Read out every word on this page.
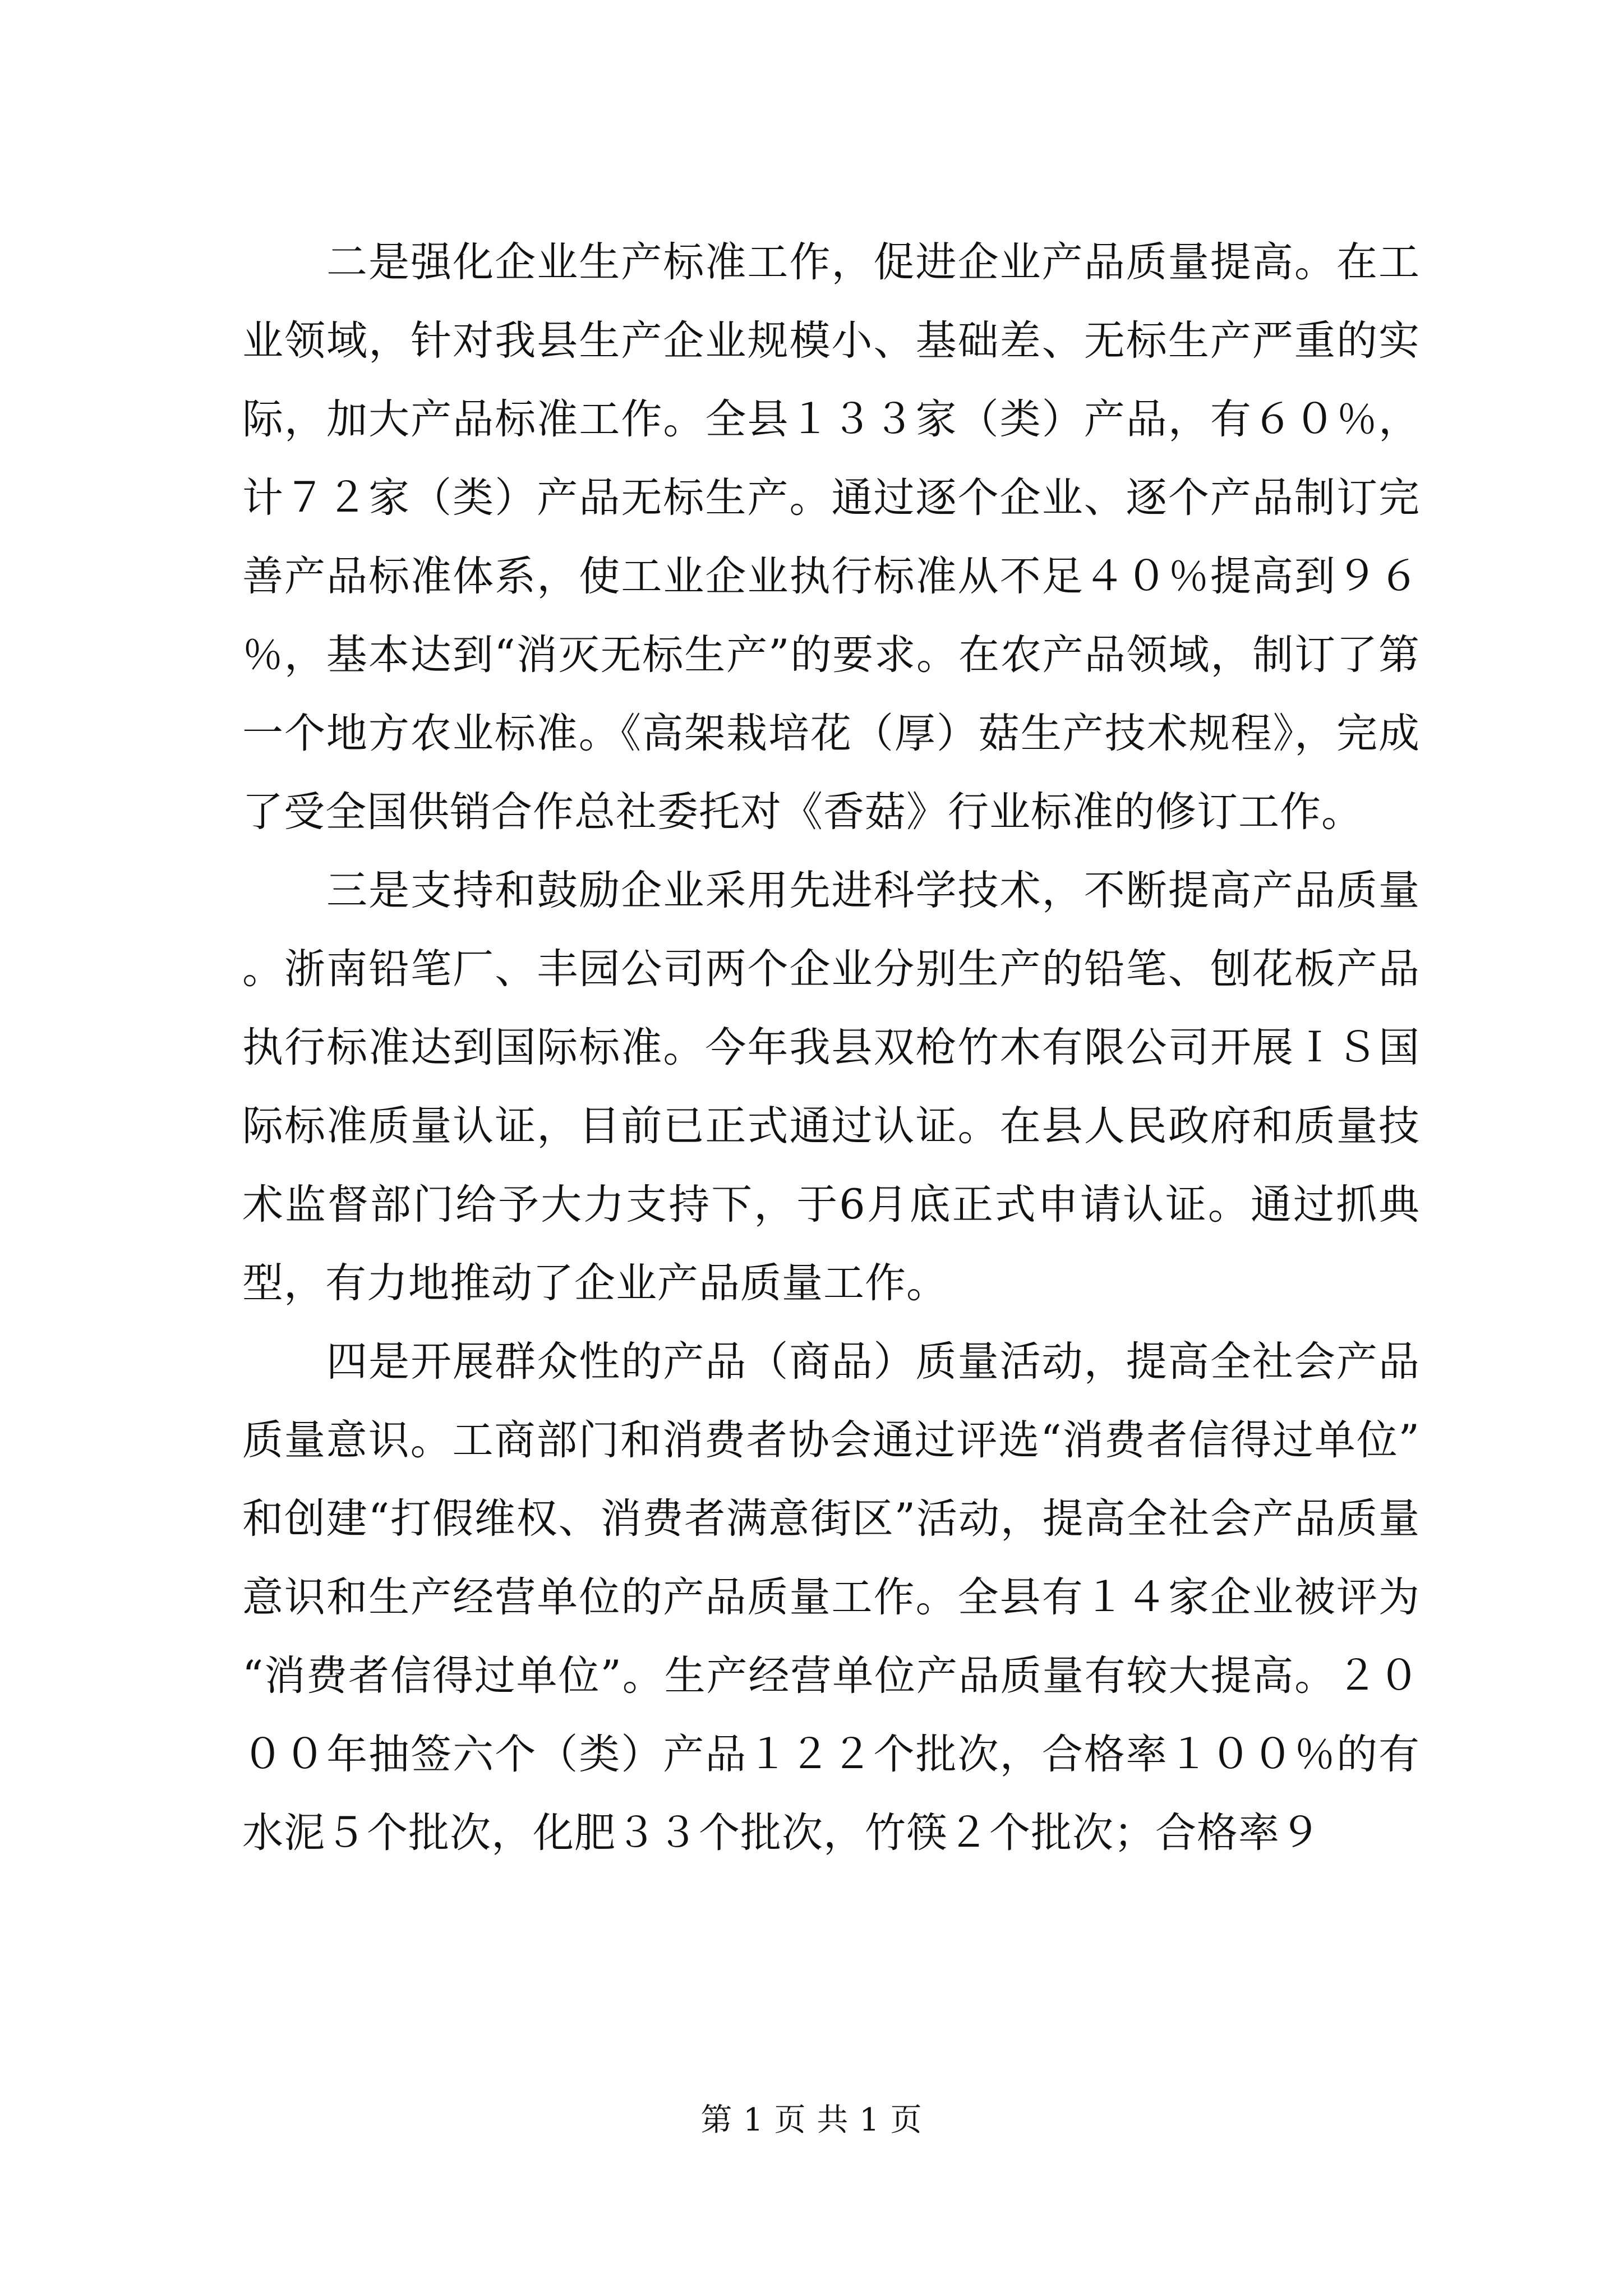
二是强化企业生产标准工作，促进企业产品质量提高。在工业领域，针对我县生产企业规模小、基础差、无标生产严重的实际，加大产品标准工作。全县１３３家（类）产品，有６０％，计７２家（类）产品无标生产。通过逐个企业、逐个产品制订完善产品标准体系，使工业企业执行标准从不足４０％提高到９６％，基本达到“消灭无标生产”的要求。在农产品领域，制订了第一个地方农业标准。《高架栽培花（厚）菇生产技术规程》，完成了受全国供销合作总社委托对《香菇》行业标准的修订工作。

三是支持和鼓励企业采用先进科学技术，不断提高产品质量。浙南铅笔厂、丰园公司两个企业分别生产的铅笔、刨花板产品执行标准达到国际标准。今年我县双枪竹木有限公司开展ＩＳ国际标准质量认证，目前已正式通过认证。在县人民政府和质量技术监督部门给予大力支持下，于6月底正式申请认证。通过抓典型，有力地推动了企业产品质量工作。

四是开展群众性的产品（商品）质量活动，提高全社会产品质量意识。工商部门和消费者协会通过评选“消费者信得过单位”和创建“打假维权、消费者满意街区”活动，提高全社会产品质量意识和生产经营单位的产品质量工作。全县有１４家企业被评为“消费者信得过单位”。生产经营单位产品质量有较大提高。２０００年抽签六个（类）产品１２２个批次，合格率１００％的有水泥５个批次，化肥３３个批次，竹筷２个批次；合格率９

第 1 页 共 1 页
